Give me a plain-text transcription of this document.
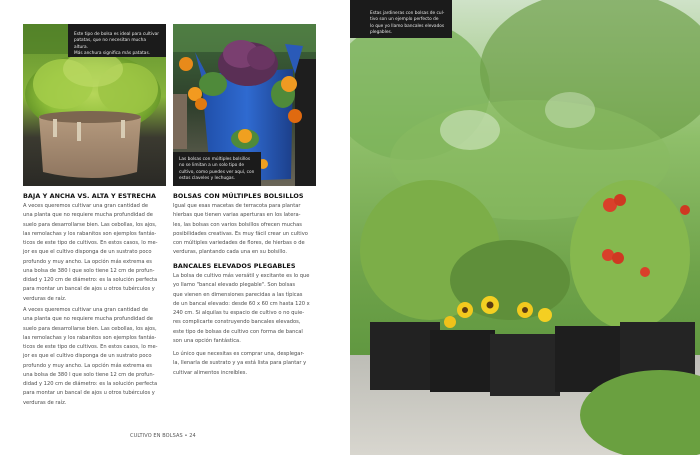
Este tipo de bolsa es ideal para cultivar
patatas, que no necesitan mucha altura.
Más anchura significa más patatas.
Las bolsas con múltiples bolsillos
no se limitan a un solo tipo de
cultivo, como puedes ver aquí, con
estos claveles y lechugas.
BAJA Y ANCHA VS. ALTA Y ESTRECHA
A veces queremos cultivar una gran cantidad de
una planta que no requiere mucha profundidad de
suelo para desarrollarse bien. Las cebollas, los ajos,
las remolachas y los rabanitos son ejemplos fantás-
ticos de este tipo de cultivos. En estos casos, lo me-
jor es que el cultivo disponga de un sustrato poco
profundo y muy ancho. La opción más extrema es
una bolsa de 380 l que solo tiene 12 cm de profun-
didad y 120 cm de diámetro: es la solución perfecta
para montar un bancal de ajos u otros tubérculos y
verduras de raíz.
A veces queremos cultivar una gran cantidad de
una planta que no requiere mucha profundidad de
suelo para desarrollarse bien. Las cebollas, los ajos,
las remolachas y los rabanitos son ejemplos fantás-
ticos de este tipo de cultivos. En estos casos, lo me-
jor es que el cultivo disponga de un sustrato poco
profundo y muy ancho. La opción más extrema es
una bolsa de 380 l que solo tiene 12 cm de profun-
didad y 120 cm de diámetro: es la solución perfecta
para montar un bancal de ajos u otros tubérculos y
verduras de raíz.
BOLSAS CON MÚLTIPLES BOLSILLOS
Igual que esas macetas de terracota para plantar
hierbas que tienen varias aperturas en los latera-
les, las bolsas con varios bolsillos ofrecen muchas
posibilidades creativas. Es muy fácil crear un cultivo
con múltiples variedades de flores, de hierbas o de
verduras, plantando cada una en su bolsillo.
BANCALES ELEVADOS PLEGABLES
La bolsa de cultivo más versátil y excitante es lo que
yo llamo "bancal elevado plegable". Son bolsas
que vienen en dimensiones parecidas a las típicas
de un bancal elevado: desde 60 x 60 cm hasta 120 x
240 cm. Si alquilas tu espacio de cultivo o no quie-
res complicarte construyendo bancales elevados,
este tipo de bolsas de cultivo con forma de bancal
son una opción fantástica.
Lo único que necesitas es comprar una, desplegar-
la, llenarla de sustrato y ya está lista para plantar y
cultivar alimentos increíbles.
CULTIVO EN BOLSAS • 24
Estas jardineras con bolsas de cul-
tivo son un ejemplo perfecto de
lo que yo llamo bancales elevados
plegables.
